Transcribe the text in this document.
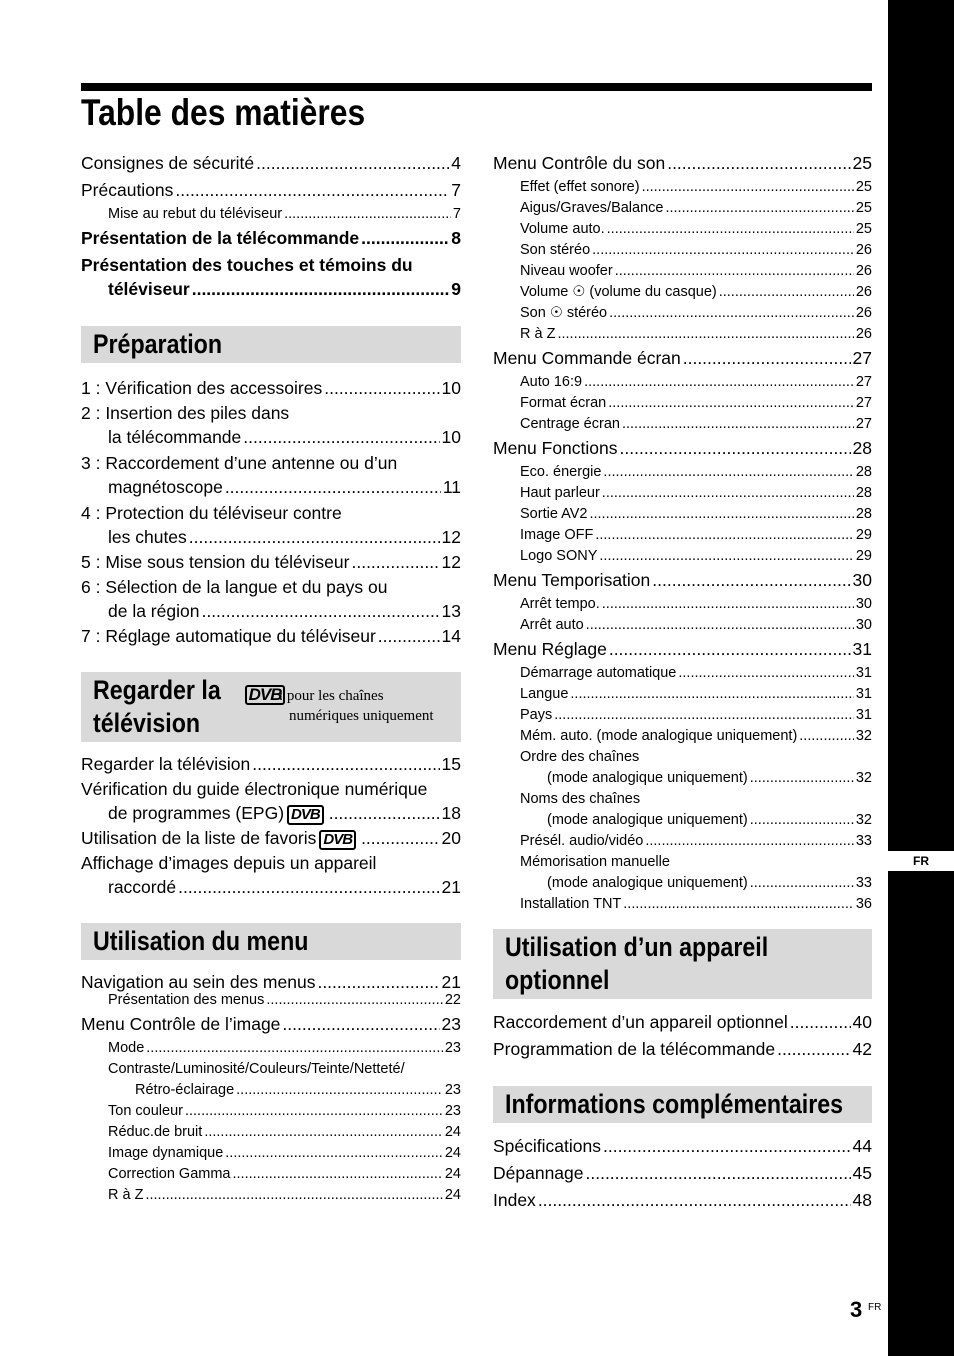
FR
Table des matières
Consignes de sécurité .....	4
Précautions .....	7
Mise au rebut du téléviseur .....	7
Présentation de la télécommande .....	8
Présentation des touches et témoins du
téléviseur .....	9
Préparation
1 : Vérification des accessoires .....	10
2 : Insertion des piles dans
la télécommande .....	10
3 : Raccordement d’une antenne ou d’un
magnétoscope .....	11
4 : Protection du téléviseur contre
les chutes .....	12
5 : Mise sous tension du téléviseur .....	12
6 : Sélection de la langue et du pays ou
de la région .....	13
7 : Réglage automatique du téléviseur .....	14
Regarder la DVB
télévision
: pour les chaînes
numériques uniquement
Regarder la télévision .....	15
Vérification du guide électronique numérique
de programmes (EPG) DVB .....	18
Utilisation de la liste de favoris DVB .....	20
Affichage d’images depuis un appareil
raccordé .....	21
Utilisation du menu
Navigation au sein des menus .....	21
Présentation des menus .....	22
Menu Contrôle de l’image .....	23
Mode .....	23
Contraste/Luminosité/Couleurs/Teinte/Netteté/
Rétro-éclairage .....	23
Ton couleur .....	23
Réduc.de bruit .....	24
Image dynamique .....	24
Correction Gamma .....	24
R à Z .....	24
Menu Contrôle du son .....	25
Effet (effet sonore) .....	25
Aigus/Graves/Balance .....	25
Volume auto. .....	25
Son stéréo .....	26
Niveau woofer .....	26
Volume ☉ (volume du casque) .....	26
Son ☉ stéréo .....	26
R à Z .....	26
Menu Commande écran .....	27
Auto 16:9 .....	27
Format écran .....	27
Centrage écran .....	27
Menu Fonctions .....	28
Eco. énergie .....	28
Haut parleur .....	28
Sortie AV2 .....	28
Image OFF .....	29
Logo SONY .....	29
Menu Temporisation .....	30
Arrêt tempo. .....	30
Arrêt auto .....	30
Menu Réglage .....	31
Démarrage automatique .....	31
Langue .....	31
Pays .....	31
Mém. auto. (mode analogique uniquement) .....	32
Ordre des chaînes
(mode analogique uniquement) .....	32
Noms des chaînes
(mode analogique uniquement) .....	32
Présél. audio/vidéo .....	33
Mémorisation manuelle
(mode analogique uniquement) .....	33
Installation TNT .....	36
Utilisation d’un appareil
optionnel
Raccordement d’un appareil optionnel .....	40
Programmation de la télécommande .....	42
Informations complémentaires
Spécifications .....	44
Dépannage .....	45
Index .....	48
3 FR
